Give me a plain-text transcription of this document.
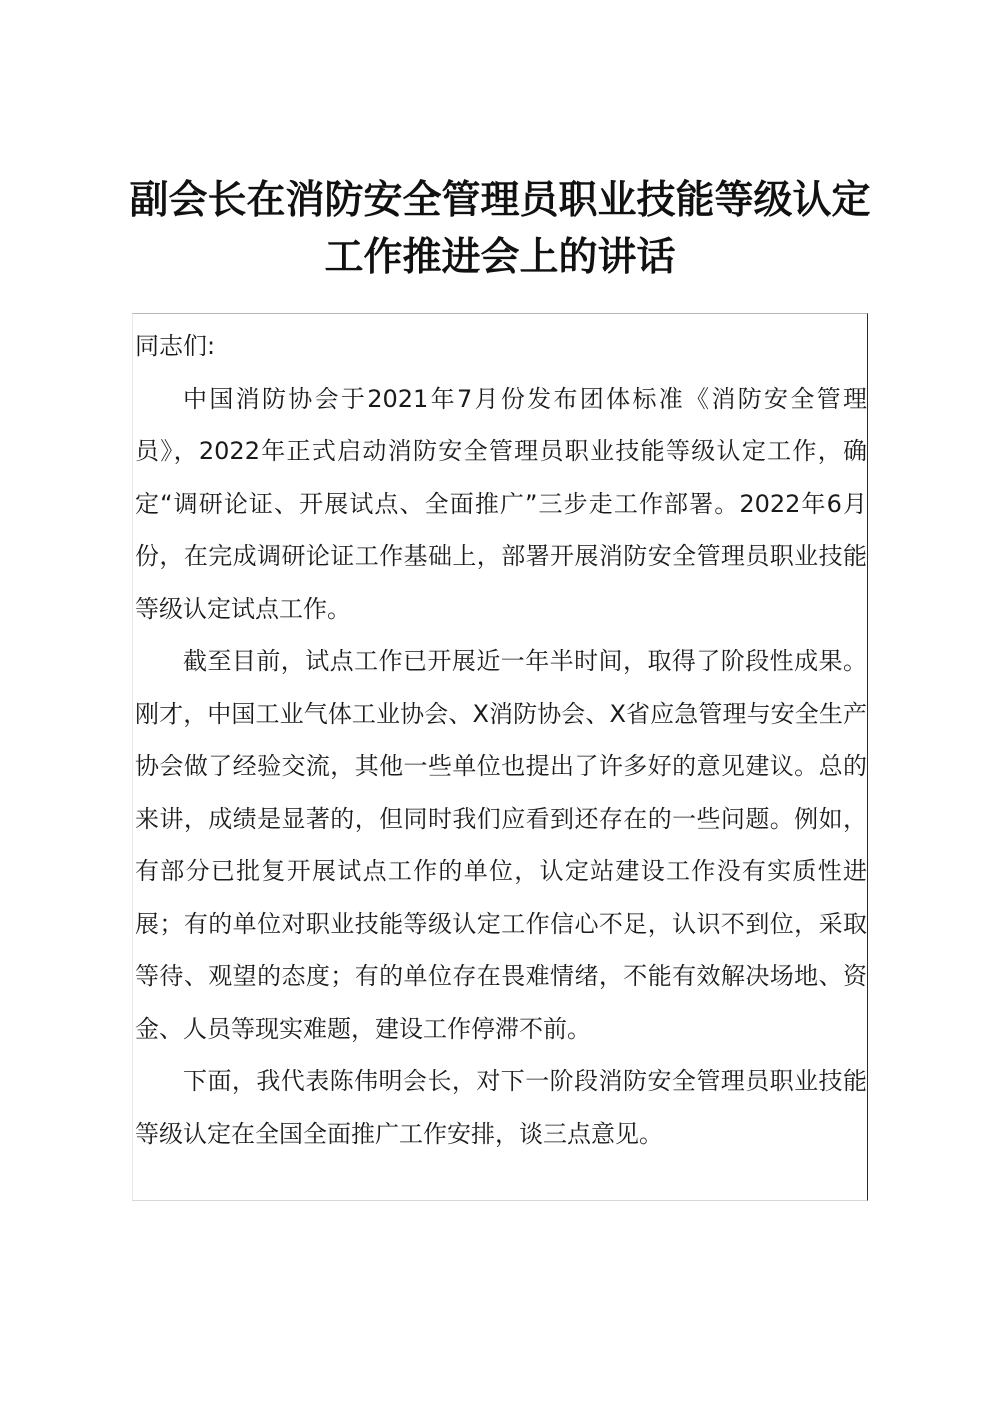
副会长在消防安全管理员职业技能等级认定工作推进会上的讲话

同志们:

中国消防协会于2021年7月份发布团体标准《消防安全管理员》，2022年正式启动消防安全管理员职业技能等级认定工作，确定“调研论证、开展试点、全面推广”三步走工作部署。2022年6月份，在完成调研论证工作基础上，部署开展消防安全管理员职业技能等级认定试点工作。

截至目前，试点工作已开展近一年半时间，取得了阶段性成果。刚才，中国工业气体工业协会、X消防协会、X省应急管理与安全生产协会做了经验交流，其他一些单位也提出了许多好的意见建议。总的来讲，成绩是显著的，但同时我们应看到还存在的一些问题。例如，有部分已批复开展试点工作的单位，认定站建设工作没有实质性进展；有的单位对职业技能等级认定工作信心不足，认识不到位，采取等待、观望的态度；有的单位存在畏难情绪，不能有效解决场地、资金、人员等现实难题，建设工作停滞不前。

下面，我代表陈伟明会长，对下一阶段消防安全管理员职业技能等级认定在全国全面推广工作安排，谈三点意见。
